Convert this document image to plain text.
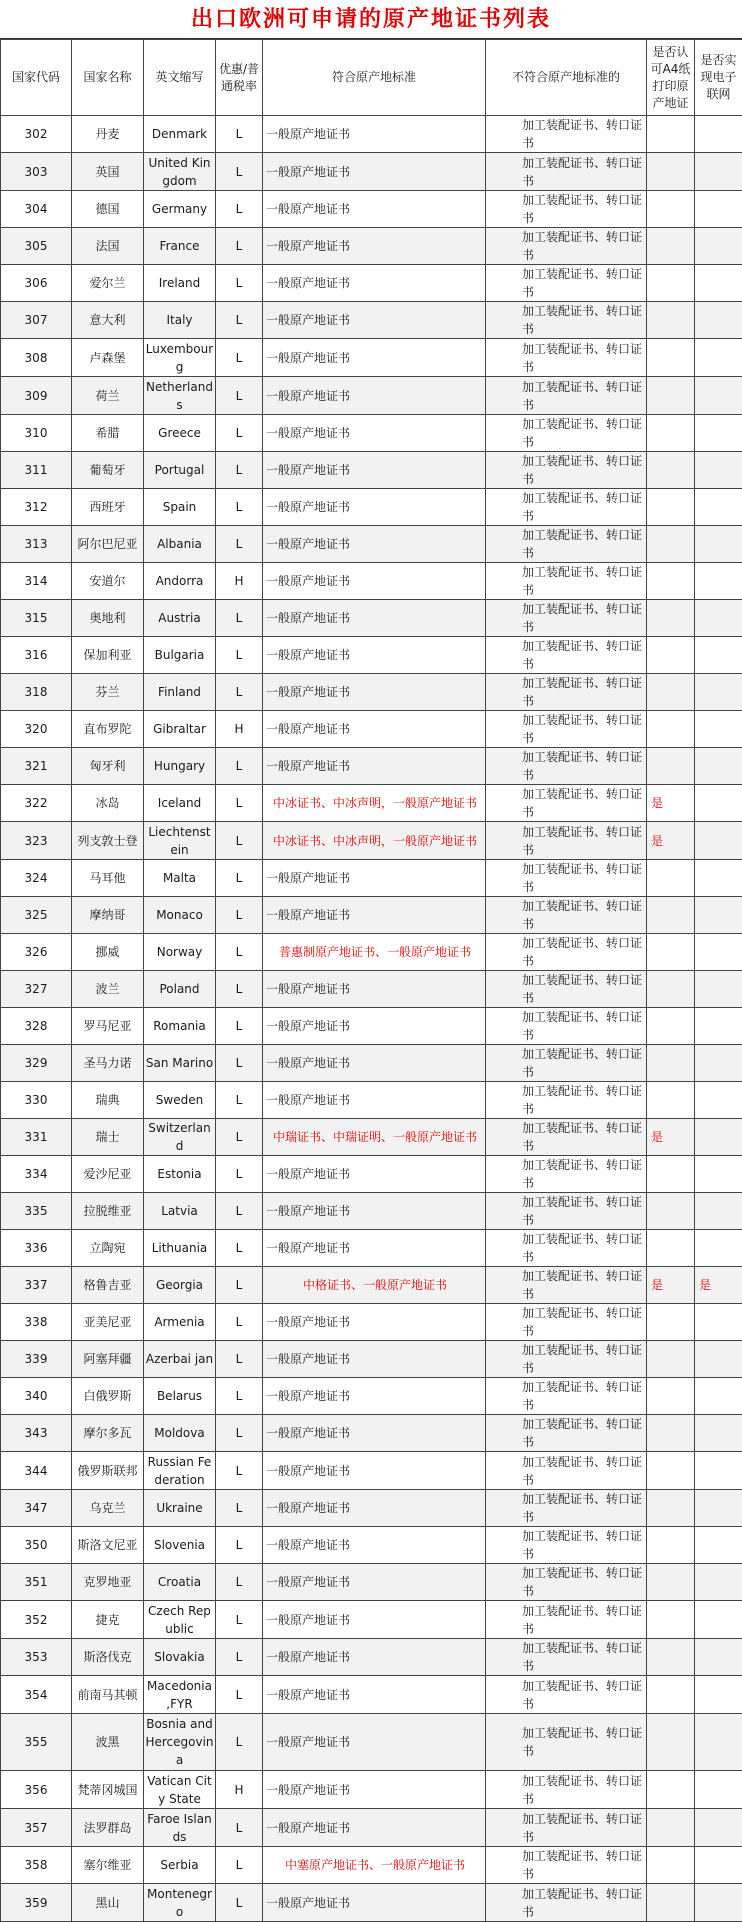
出口欧洲可申请的原产地证书列表
国家代码	国家名称	英文缩写	优惠/普通税率	符合原产地标准	不符合原产地标准的	是否认可A4纸打印原产地证	是否实现电子联网
302	丹麦	Denmark	L	一般原产地证书	加工装配证书、转口证书		
303	英国	United Kingdom	L	一般原产地证书	加工装配证书、转口证书		
304	德国	Germany	L	一般原产地证书	加工装配证书、转口证书		
305	法国	France	L	一般原产地证书	加工装配证书、转口证书		
306	爱尔兰	Ireland	L	一般原产地证书	加工装配证书、转口证书		
307	意大利	Italy	L	一般原产地证书	加工装配证书、转口证书		
308	卢森堡	Luxembourg	L	一般原产地证书	加工装配证书、转口证书		
309	荷兰	Netherlands	L	一般原产地证书	加工装配证书、转口证书		
310	希腊	Greece	L	一般原产地证书	加工装配证书、转口证书		
311	葡萄牙	Portugal	L	一般原产地证书	加工装配证书、转口证书		
312	西班牙	Spain	L	一般原产地证书	加工装配证书、转口证书		
313	阿尔巴尼亚	Albania	L	一般原产地证书	加工装配证书、转口证书		
314	安道尔	Andorra	H	一般原产地证书	加工装配证书、转口证书		
315	奥地利	Austria	L	一般原产地证书	加工装配证书、转口证书		
316	保加利亚	Bulgaria	L	一般原产地证书	加工装配证书、转口证书		
318	芬兰	Finland	L	一般原产地证书	加工装配证书、转口证书		
320	直布罗陀	Gibraltar	H	一般原产地证书	加工装配证书、转口证书		
321	匈牙利	Hungary	L	一般原产地证书	加工装配证书、转口证书		
322	冰岛	Iceland	L	中冰证书、中冰声明，一般原产地证书	加工装配证书、转口证书	是	
323	列支敦士登	Liechtenstein	L	中冰证书、中冰声明，一般原产地证书	加工装配证书、转口证书	是	
324	马耳他	Malta	L	一般原产地证书	加工装配证书、转口证书		
325	摩纳哥	Monaco	L	一般原产地证书	加工装配证书、转口证书		
326	挪威	Norway	L	普惠制原产地证书、一般原产地证书	加工装配证书、转口证书		
327	波兰	Poland	L	一般原产地证书	加工装配证书、转口证书		
328	罗马尼亚	Romania	L	一般原产地证书	加工装配证书、转口证书		
329	圣马力诺	San Marino	L	一般原产地证书	加工装配证书、转口证书		
330	瑞典	Sweden	L	一般原产地证书	加工装配证书、转口证书		
331	瑞士	Switzerland	L	中瑞证书、中瑞证明、一般原产地证书	加工装配证书、转口证书	是	
334	爱沙尼亚	Estonia	L	一般原产地证书	加工装配证书、转口证书		
335	拉脱维亚	Latvia	L	一般原产地证书	加工装配证书、转口证书		
336	立陶宛	Lithuania	L	一般原产地证书	加工装配证书、转口证书		
337	格鲁吉亚	Georgia	L	中格证书、一般原产地证书	加工装配证书、转口证书	是	是
338	亚美尼亚	Armenia	L	一般原产地证书	加工装配证书、转口证书		
339	阿塞拜疆	Azerbai jan	L	一般原产地证书	加工装配证书、转口证书		
340	白俄罗斯	Belarus	L	一般原产地证书	加工装配证书、转口证书		
343	摩尔多瓦	Moldova	L	一般原产地证书	加工装配证书、转口证书		
344	俄罗斯联邦	Russian Federation	L	一般原产地证书	加工装配证书、转口证书		
347	乌克兰	Ukraine	L	一般原产地证书	加工装配证书、转口证书		
350	斯洛文尼亚	Slovenia	L	一般原产地证书	加工装配证书、转口证书		
351	克罗地亚	Croatia	L	一般原产地证书	加工装配证书、转口证书		
352	捷克	Czech Republic	L	一般原产地证书	加工装配证书、转口证书		
353	斯洛伐克	Slovakia	L	一般原产地证书	加工装配证书、转口证书		
354	前南马其顿	Macedonia ,FYR	L	一般原产地证书	加工装配证书、转口证书		
355	波黑	Bosnia and Hercegovina	L	一般原产地证书	加工装配证书、转口证书		
356	梵蒂冈城国	Vatican City State	H	一般原产地证书	加工装配证书、转口证书		
357	法罗群岛	Faroe Islands	L	一般原产地证书	加工装配证书、转口证书		
358	塞尔维亚	Serbia	L	中塞原产地证书、一般原产地证书	加工装配证书、转口证书		
359	黑山	Montenegro	L	一般原产地证书	加工装配证书、转口证书		
